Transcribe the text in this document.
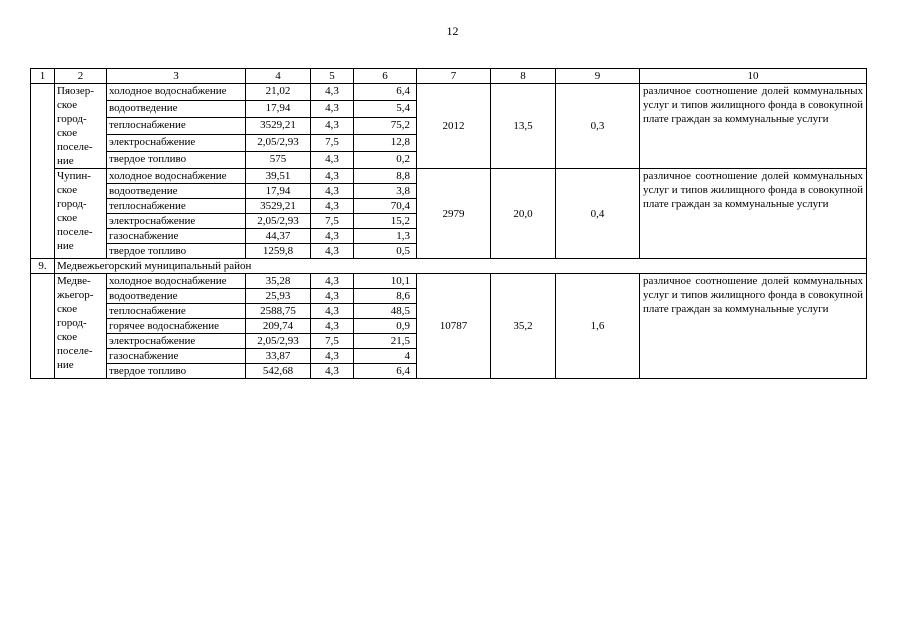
12
1	2	3	4	5	6	7	8	9	10
	Пяозер-ское город-ское поселе-ние	холодное водоснабжение	21,02	4,3	6,4	2012	13,5	0,3	различное соотношение долей коммунальных услуг и типов жилищного фонда в совокупной плате граждан за коммунальные услуги
		водоотведение	17,94	4,3	5,4				
		теплоснабжение	3529,21	4,3	75,2				
		электроснабжение	2,05/2,93	7,5	12,8				
		твердое топливо	575	4,3	0,2				
	Чупин-ское город-ское поселе-ние	холодное водоснабжение	39,51	4,3	8,8	2979	20,0	0,4	различное соотношение долей коммунальных услуг и типов жилищного фонда в совокупной плате граждан за коммунальные услуги
		водоотведение	17,94	4,3	3,8				
		теплоснабжение	3529,21	4,3	70,4				
		электроснабжение	2,05/2,93	7,5	15,2				
		газоснабжение	44,37	4,3	1,3				
		твердое топливо	1259,8	4,3	0,5				
9.	Медвежьегорский муниципальный район								
	Медве-жьегор-ское город-ское поселе-ние	холодное водоснабжение	35,28	4,3	10,1	10787	35,2	1,6	различное соотношение долей коммунальных услуг и типов жилищного фонда в совокупной плате граждан за коммунальные услуги
		водоотведение	25,93	4,3	8,6				
		теплоснабжение	2588,75	4,3	48,5				
		горячее водоснабжение	209,74	4,3	0,9				
		электроснабжение	2,05/2,93	7,5	21,5				
		газоснабжение	33,87	4,3	4				
		твердое топливо	542,68	4,3	6,4				
